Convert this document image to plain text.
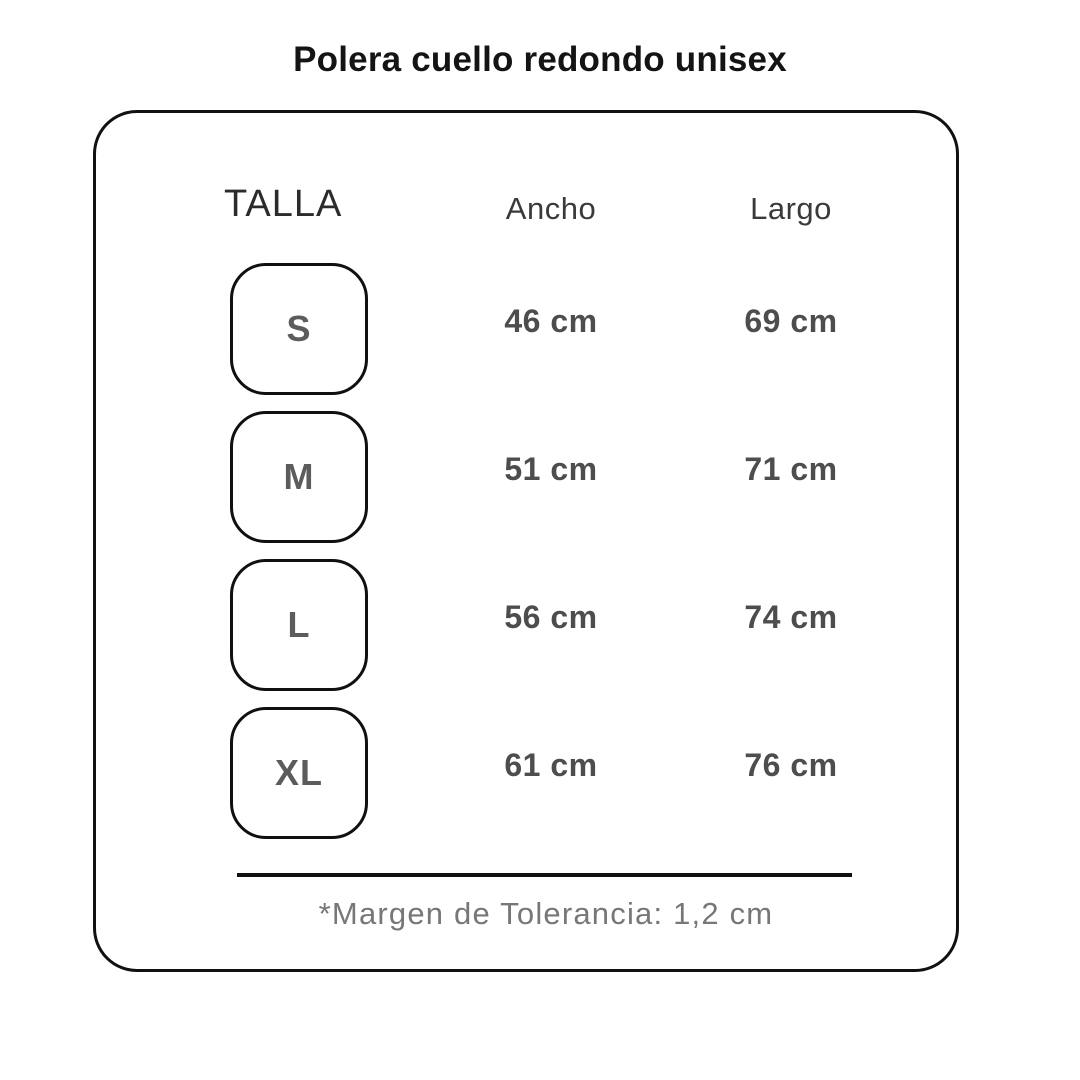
Polera cuello redondo unisex
TALLA	Ancho	Largo
S	46 cm	69 cm
M	51 cm	71 cm
L	56 cm	74 cm
XL	61 cm	76 cm
*Margen de Tolerancia: 1,2 cm
